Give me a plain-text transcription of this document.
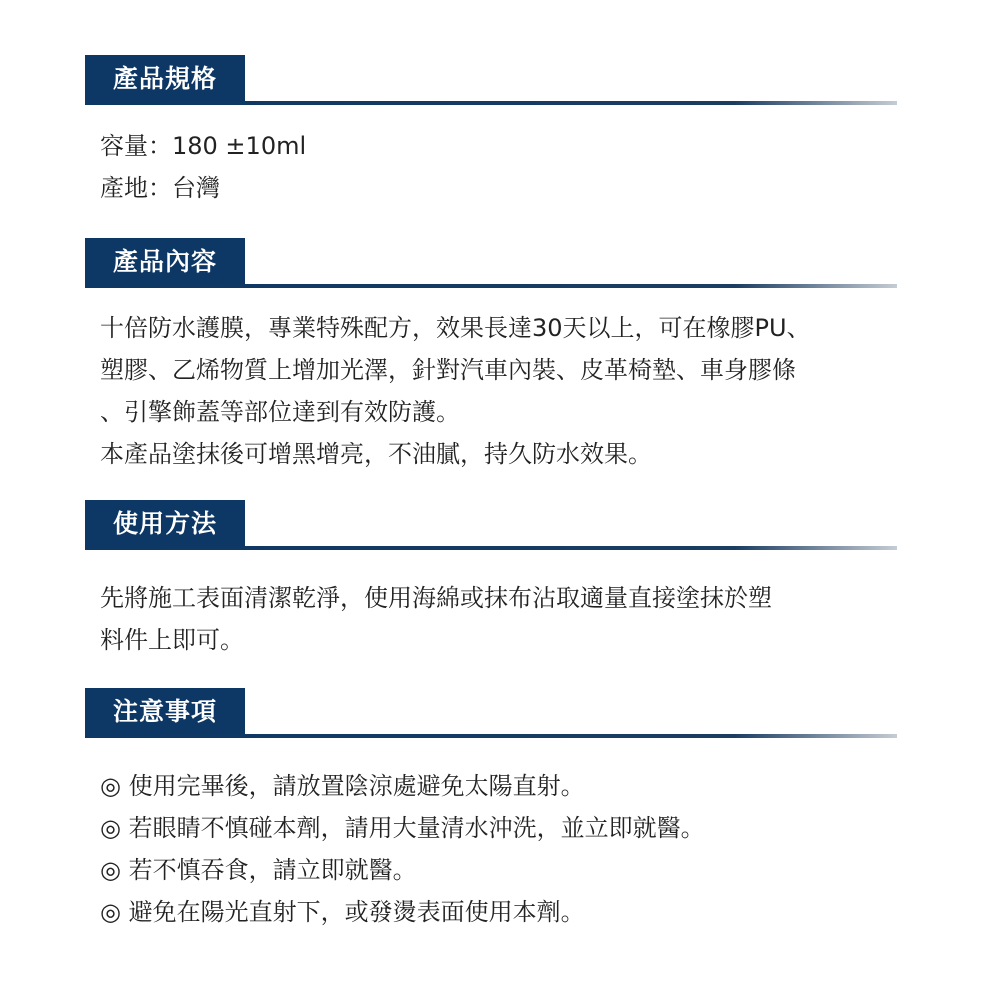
產品規格
容量：180 ±10ml
產地：台灣
產品內容
十倍防水護膜，專業特殊配方，效果長達30天以上，可在橡膠PU、
塑膠、乙烯物質上增加光澤，針對汽車內裝、皮革椅墊、車身膠條
、引擎飾蓋等部位達到有效防護。
本產品塗抹後可增黑增亮，不油膩，持久防水效果。
使用方法
先將施工表面清潔乾淨，使用海綿或抹布沾取適量直接塗抹於塑
料件上即可。
注意事項
◎ 使用完畢後，請放置陰涼處避免太陽直射。
◎ 若眼睛不慎碰本劑，請用大量清水沖洗，並立即就醫。
◎ 若不慎吞食，請立即就醫。
◎ 避免在陽光直射下，或發燙表面使用本劑。
